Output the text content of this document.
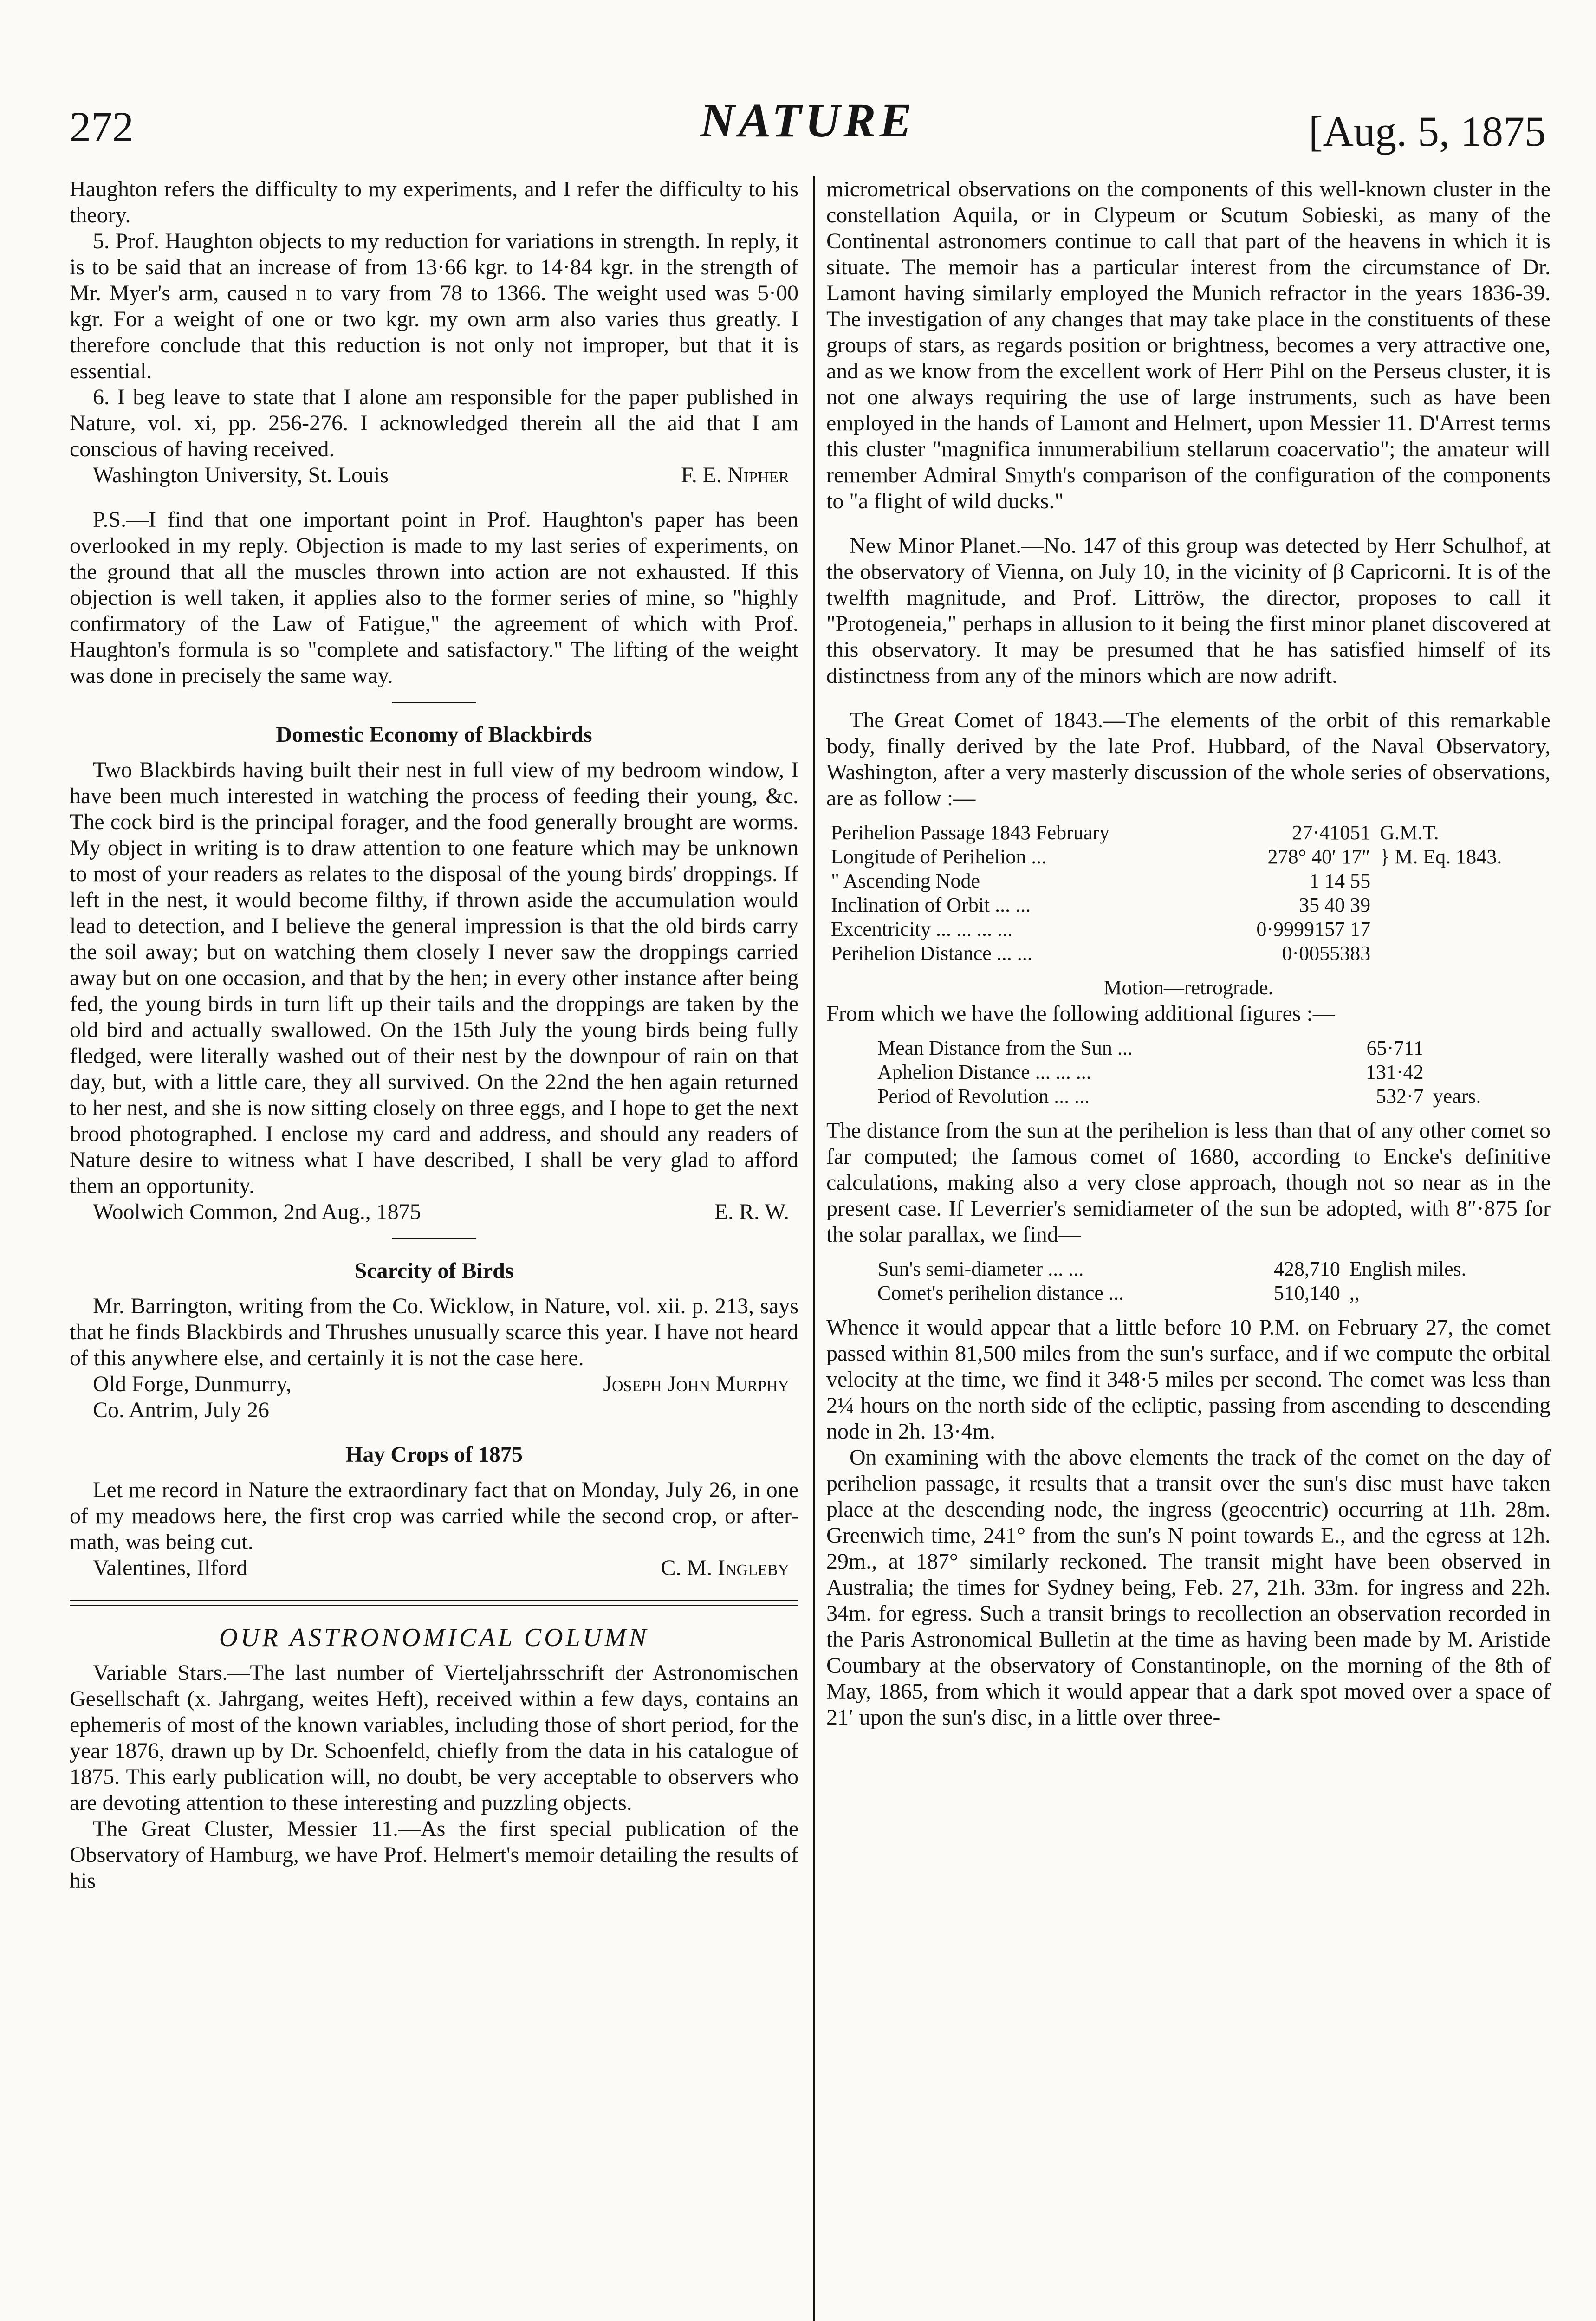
272	NATURE	[Aug. 5, 1875

Haughton refers the difficulty to my experiments, and I refer the difficulty to his theory.

5. Prof. Haughton objects to my reduction for variations in strength. In reply, it is to be said that an increase of from 13·66 kgr. to 14·84 kgr. in the strength of Mr. Myer's arm, caused n to vary from 78 to 1366. The weight used was 5·00 kgr. For a weight of one or two kgr. my own arm also varies thus greatly. I therefore conclude that this reduction is not only not improper, but that it is essential.

6. I beg leave to state that I alone am responsible for the paper published in Nature, vol. xi, pp. 256-276. I acknowledged therein all the aid that I am conscious of having received.

Washington University, St. Louis	F. E. Nipher

P.S.—I find that one important point in Prof. Haughton's paper has been overlooked in my reply. Objection is made to my last series of experiments, on the ground that all the muscles thrown into action are not exhausted. If this objection is well taken, it applies also to the former series of mine, so "highly confirmatory of the Law of Fatigue," the agreement of which with Prof. Haughton's formula is so "complete and satisfactory." The lifting of the weight was done in precisely the same way.

Domestic Economy of Blackbirds

Two Blackbirds having built their nest in full view of my bedroom window, I have been much interested in watching the process of feeding their young, &c. The cock bird is the principal forager, and the food generally brought are worms. My object in writing is to draw attention to one feature which may be unknown to most of your readers as relates to the disposal of the young birds' droppings. If left in the nest, it would become filthy, if thrown aside the accumulation would lead to detection, and I believe the general impression is that the old birds carry the soil away; but on watching them closely I never saw the droppings carried away but on one occasion, and that by the hen; in every other instance after being fed, the young birds in turn lift up their tails and the droppings are taken by the old bird and actually swallowed. On the 15th July the young birds being fully fledged, were literally washed out of their nest by the downpour of rain on that day, but, with a little care, they all survived. On the 22nd the hen again returned to her nest, and she is now sitting closely on three eggs, and I hope to get the next brood photographed. I enclose my card and address, and should any readers of Nature desire to witness what I have described, I shall be very glad to afford them an opportunity.

Woolwich Common, 2nd Aug., 1875	E. R. W.
Scarcity of Birds

Mr. Barrington, writing from the Co. Wicklow, in Nature, vol. xii. p. 213, says that he finds Blackbirds and Thrushes unusually scarce this year. I have not heard of this anywhere else, and certainly it is not the case here.

Old Forge, Dunmurry,	Joseph John Murphy
Co. Antrim, July 26
Hay Crops of 1875

Let me record in Nature the extraordinary fact that on Monday, July 26, in one of my meadows here, the first crop was carried while the second crop, or after-math, was being cut.

Valentines, Ilford	C. M. Ingleby
OUR ASTRONOMICAL COLUMN

Variable Stars.—The last number of Vierteljahrsschrift der Astronomischen Gesellschaft (x. Jahrgang, weites Heft), received within a few days, contains an ephemeris of most of the known variables, including those of short period, for the year 1876, drawn up by Dr. Schoenfeld, chiefly from the data in his catalogue of 1875. This early publication will, no doubt, be very acceptable to observers who are devoting attention to these interesting and puzzling objects.

The Great Cluster, Messier 11.—As the first special publication of the Observatory of Hamburg, we have Prof. Helmert's memoir detailing the results of his

micrometrical observations on the components of this well-known cluster in the constellation Aquila, or in Clypeum or Scutum Sobieski, as many of the Continental astronomers continue to call that part of the heavens in which it is situate. The memoir has a particular interest from the circumstance of Dr. Lamont having similarly employed the Munich refractor in the years 1836-39. The investigation of any changes that may take place in the constituents of these groups of stars, as regards position or brightness, becomes a very attractive one, and as we know from the excellent work of Herr Pihl on the Perseus cluster, it is not one always requiring the use of large instruments, such as have been employed in the hands of Lamont and Helmert, upon Messier 11. D'Arrest terms this cluster "magnifica innumerabilium stellarum coacervatio"; the amateur will remember Admiral Smyth's comparison of the configuration of the components to "a flight of wild ducks."

New Minor Planet.—No. 147 of this group was detected by Herr Schulhof, at the observatory of Vienna, on July 10, in the vicinity of β Capricorni. It is of the twelfth magnitude, and Prof. Littröw, the director, proposes to call it "Protogeneia," perhaps in allusion to it being the first minor planet discovered at this observatory. It may be presumed that he has satisfied himself of its distinctness from any of the minors which are now adrift.

The Great Comet of 1843.—The elements of the orbit of this remarkable body, finally derived by the late Prof. Hubbard, of the Naval Observatory, Washington, after a very masterly discussion of the whole series of observations, are as follow :—

Perihelion Passage 1843 February	27·41051	G.M.T.
Longitude of Perihelion ...	278° 40′ 17″	} M. Eq. 1843.
" Ascending Node	1 14 55	
Inclination of Orbit ... ...	35 40 39	
Excentricity ... ... ... ...	0·9999157 17	
Perihelion Distance ... ...	0·0055383	
Motion—retrograde.

From which we have the following additional figures :—

Mean Distance from the Sun ...	65·711	
Aphelion Distance ... ... ...	131·42	
Period of Revolution ... ...	532·7	years.

The distance from the sun at the perihelion is less than that of any other comet so far computed; the famous comet of 1680, according to Encke's definitive calculations, making also a very close approach, though not so near as in the present case. If Leverrier's semidiameter of the sun be adopted, with 8″·875 for the solar parallax, we find—

Sun's semi-diameter ... ...	428,710	English miles.
Comet's perihelion distance ...	510,140	,,

Whence it would appear that a little before 10 P.M. on February 27, the comet passed within 81,500 miles from the sun's surface, and if we compute the orbital velocity at the time, we find it 348·5 miles per second. The comet was less than 2¼ hours on the north side of the ecliptic, passing from ascending to descending node in 2h. 13·4m.

On examining with the above elements the track of the comet on the day of perihelion passage, it results that a transit over the sun's disc must have taken place at the descending node, the ingress (geocentric) occurring at 11h. 28m. Greenwich time, 241° from the sun's N point towards E., and the egress at 12h. 29m., at 187° similarly reckoned. The transit might have been observed in Australia; the times for Sydney being, Feb. 27, 21h. 33m. for ingress and 22h. 34m. for egress. Such a transit brings to recollection an observation recorded in the Paris Astronomical Bulletin at the time as having been made by M. Aristide Coumbary at the observatory of Constantinople, on the morning of the 8th of May, 1865, from which it would appear that a dark spot moved over a space of 21′ upon the sun's disc, in a little over three-
